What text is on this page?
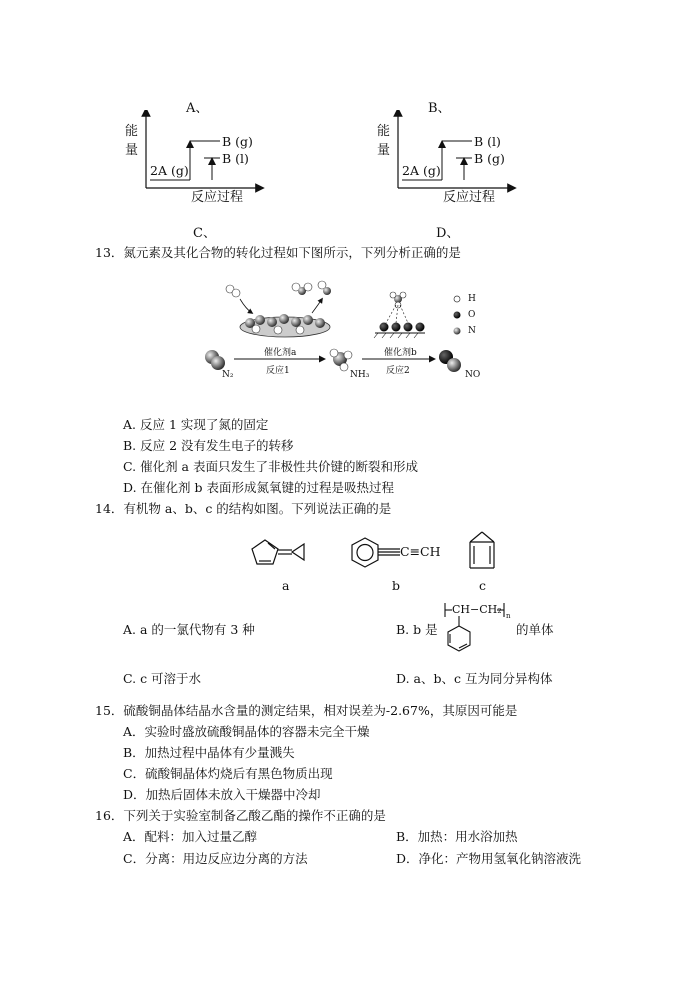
A、	B、
能
量
B (g)
B (l)
2A (g)
反应过程
能
量
B (l)
B (g)
2A (g)
反应过程
C、	D、
13．氮元素及其化合物的转化过程如下图所示，下列分析正确的是
H
O
N
催化剂a	催化剂b
反应1	反应2
N₂	NH₃	NO
A. 反应 1 实现了氮的固定
B. 反应 2 没有发生电子的转移
C. 催化剂 a 表面只发生了非极性共价键的断裂和形成
D. 在催化剂 b 表面形成氮氧键的过程是吸热过程
14．有机物 a、b、c 的结构如图。下列说法正确的是
C≡CH
a	b	c
A. a 的一氯代物有 3 种	B. b 是
CH−CH₂ n
的单体
C. c 可溶于水	D. a、b、c 互为同分异构体
15．硫酸铜晶体结晶水含量的测定结果，相对误差为-2.67%，其原因可能是
A．实验时盛放硫酸铜晶体的容器未完全干燥
B．加热过程中晶体有少量溅失
C．硫酸铜晶体灼烧后有黑色物质出现
D．加热后固体未放入干燥器中冷却
16．下列关于实验室制备乙酸乙酯的操作不正确的是
A．配料：加入过量乙醇	B．加热：用水浴加热
C．分离：用边反应边分离的方法	D．净化：产物用氢氧化钠溶液洗
